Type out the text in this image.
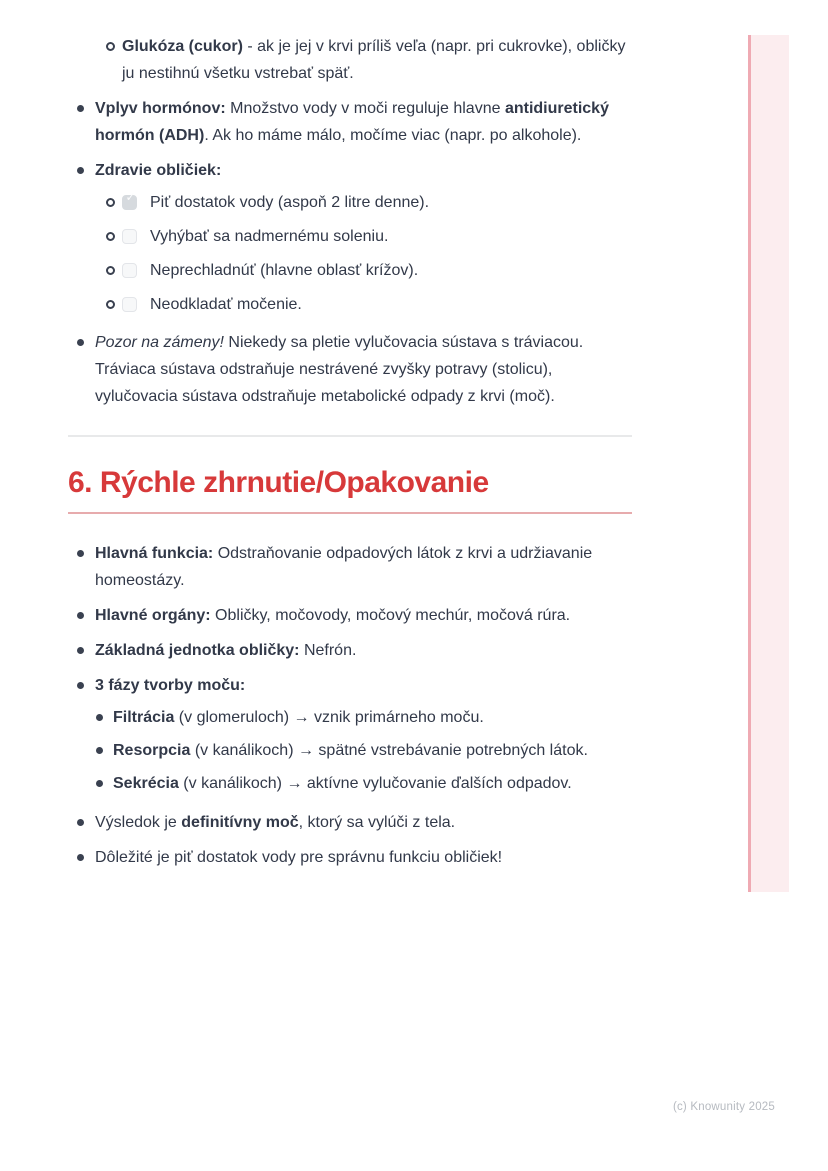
Glukóza (cukor) - ak je jej v krvi príliš veľa (napr. pri cukrovke), obličky ju nestihnú všetku vstrebať späť.
Vplyv hormónov: Množstvo vody v moči reguluje hlavne antidiuretický hormón (ADH). Ak ho máme málo, močíme viac (napr. po alkohole).
Zdravie obličiek:
✓
Piť dostatok vody (aspoň 2 litre denne).
Vyhýbať sa nadmernému soleniu.
Neprechladnúť (hlavne oblasť krížov).
Neodkladať močenie.
Pozor na zámeny! Niekedy sa pletie vylučovacia sústava s tráviacou. Tráviaca sústava odstraňuje nestrávené zvyšky potravy (stolicu), vylučovacia sústava odstraňuje metabolické odpady z krvi (moč).
6. Rýchle zhrnutie/Opakovanie
Hlavná funkcia: Odstraňovanie odpadových látok z krvi a udržiavanie homeostázy.
Hlavné orgány: Obličky, močovody, močový mechúr, močová rúra.
Základná jednotka obličky: Nefrón.
3 fázy tvorby moču:
Filtrácia (v glomeruloch) → vznik primárneho moču.
Resorpcia (v kanálikoch) → spätné vstrebávanie potrebných látok.
Sekrécia (v kanálikoch) → aktívne vylučovanie ďalších odpadov.
Výsledok je definitívny moč, ktorý sa vylúči z tela.
Dôležité je piť dostatok vody pre správnu funkciu obličiek!
(c) Knowunity 2025
